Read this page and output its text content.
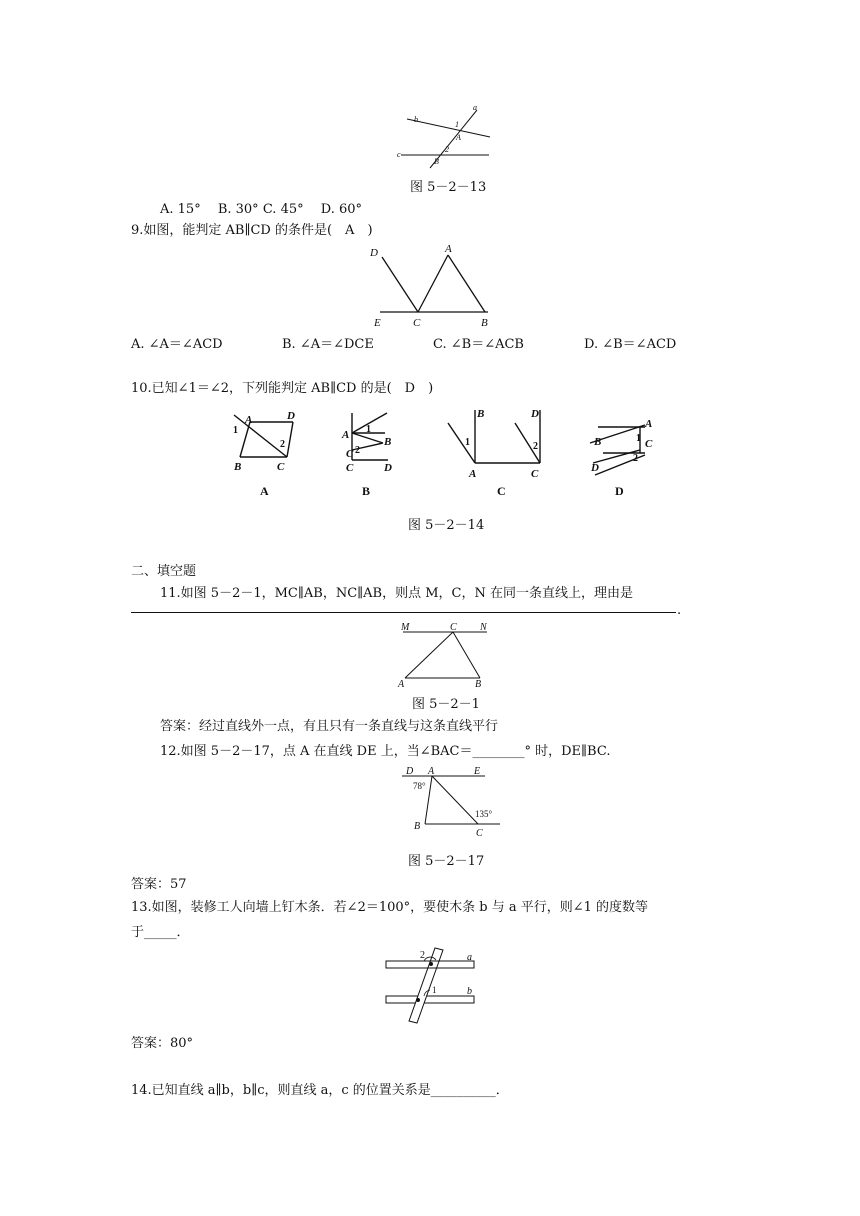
b
a
c
1
A
2
B
图 5－2－13
A. 15°　 B. 30° C. 45°　 D. 60°
9.如图，能判定 AB∥CD 的条件是(　A　)
D	A
E	C	B
A. ∠A＝∠ACD	B. ∠A＝∠DCE	C. ∠B＝∠ACB	D. ∠B＝∠ACD
10.已知∠1＝∠2，下列能判定 AB∥CD 的是(　D　)
A	D
1
2
B	C
A
A 1
B
2
C
C	D
B
B	D
1	2
A	C
C
A
B	1 C
2
D
D
图 5－2－14
二、填空题
11.如图 5－2－1，MC∥AB，NC∥AB，则点 M，C，N 在同一条直线上，理由是
.
M	C N
A	B
图 5－2－1
答案：经过直线外一点，有且只有一条直线与这条直线平行
12.如图 5－2－17，点 A 在直线 DE 上，当∠BAC＝________° 时，DE∥BC.
D A	E
78°
135°
B
C
图 5－2－17
答案：57
13.如图，装修工人向墙上钉木条．若∠2＝100°，要使木条 b 与 a 平行，则∠1 的度数等
于_____．
2
1
a
b
答案：80°
14.已知直线 a∥b，b∥c，则直线 a，c 的位置关系是__________．
